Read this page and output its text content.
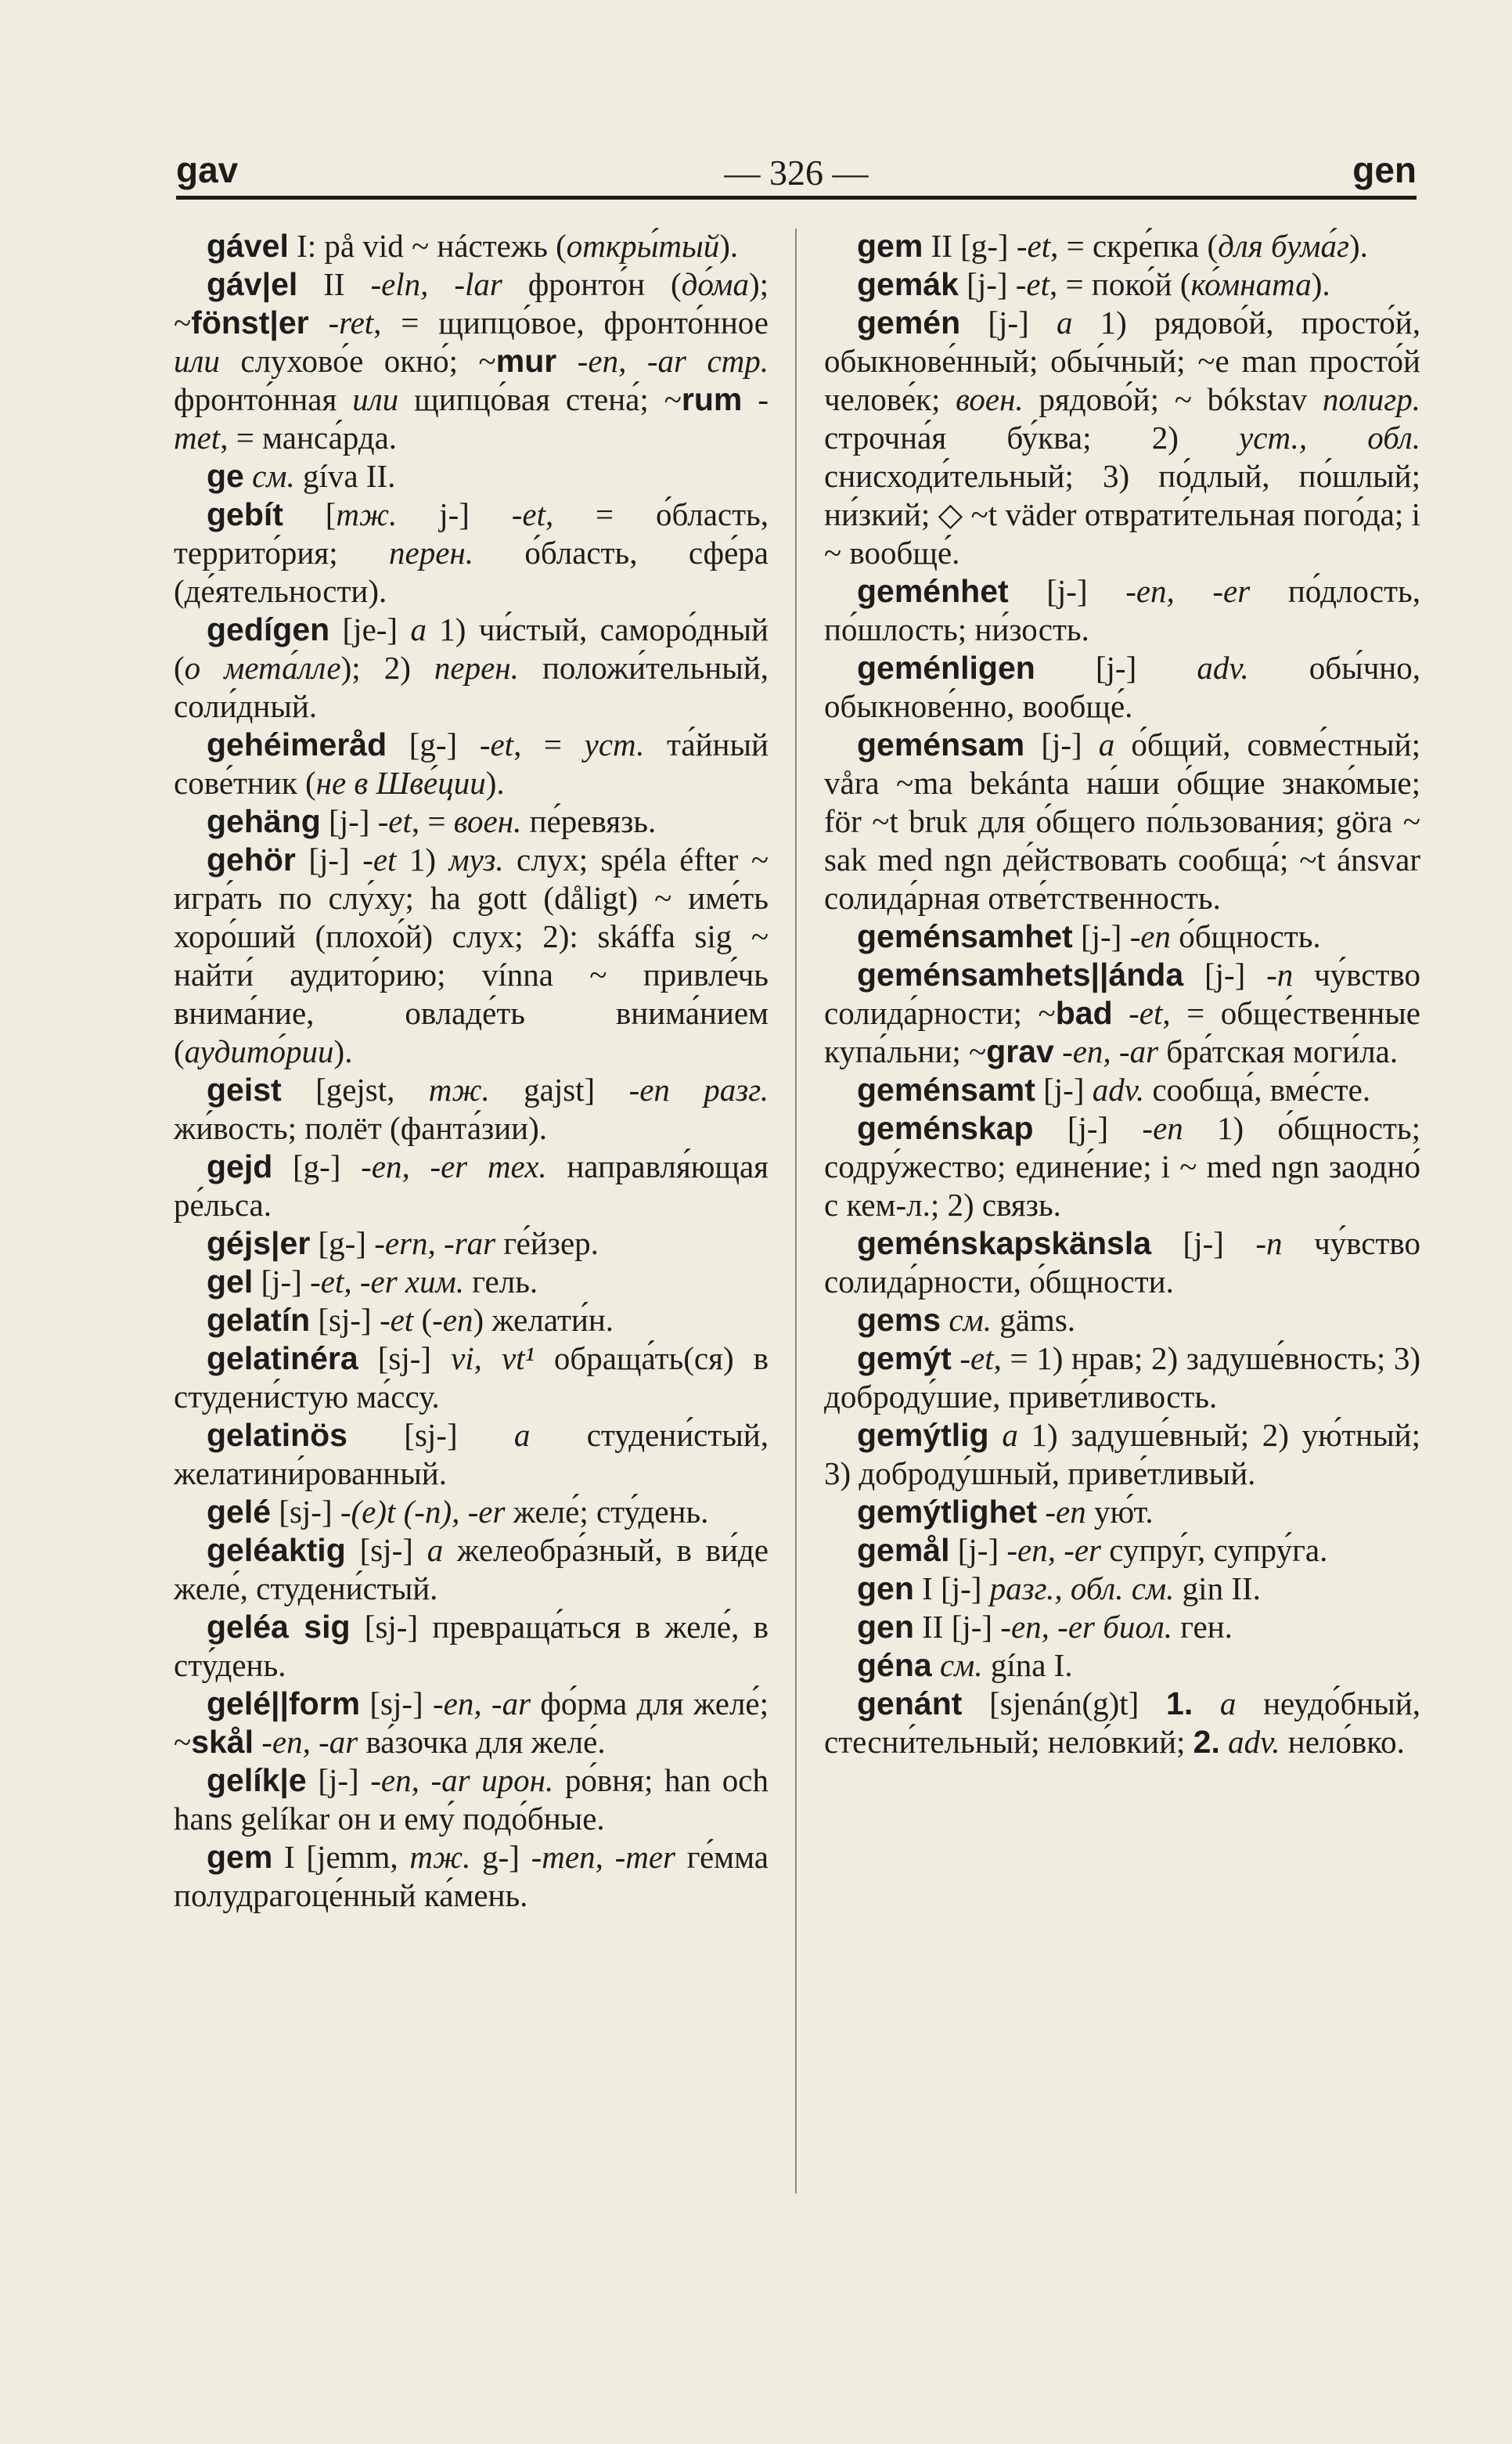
gav	— 326 —	gen

gável I: på vid ~ нáстежь (откры́тый).

gáv|el II -eln, -lar фронто́н (до́ма); ~fönst|er -ret, = щипцо́вое, фронто́нное или слухово́е окно́; ~mur -en, -ar стр. фронто́нная или щипцо́вая стена́; ~rum -met, = манса́рда.

ge см. gíva II.

gebít [тж. j-] -et, = о́бласть, террито́рия; перен. о́бласть, сфе́ра (де́ятельности).

gedígen [je-] a 1) чи́стый, саморо́дный (о мета́лле); 2) перен. положи́тельный, соли́дный.

gehéimeråd [g-] -et, = уст. та́йный сове́тник (не в Шве́ции).

gehäng [j-] -et, = воен. пе́ревязь.

gehör [j-] -et 1) муз. слух; spéla éfter ~ игра́ть по слу́ху; ha gott (dåligt) ~ име́ть хоро́ший (плохо́й) слух; 2): skáffa sig ~ найти́ аудито́рию; vínna ~ привле́чь внима́ние, овладе́ть внима́нием (аудито́рии).

geist [gejst, тж. gajst] -en разг. жи́вость; полёт (фанта́зии).

gejd [g-] -en, -er тех. направля́ющая ре́льса.

géjs|er [g-] -ern, -rar ге́йзер.

gel [j-] -et, -er хим. гель.

gelatín [sj-] -et (-en) желати́н.

gelatinéra [sj-] vi, vt¹ обраща́ть(ся) в студени́стую ма́ссу.

gelatinös [sj-] a студени́стый, желатини́рованный.

gelé [sj-] -(e)t (-n), -er желе́; сту́день.

geléaktig [sj-] a желеобра́зный, в ви́де желе́, студени́стый.

geléa sig [sj-] превраща́ться в желе́, в сту́день.

gelé||form [sj-] -en, -ar фо́рма для желе́; ~skål -en, -ar ва́зочка для желе́.

gelík|e [j-] -en, -ar ирон. ро́вня; han och hans gelíkar он и ему́ подо́бные.

gem I [jemm, тж. g-] -men, -mer ге́мма полудрагоце́нный ка́мень.

gem II [g-] -et, = скре́пка (для бума́г).

gemák [j-] -et, = поко́й (ко́мната).

gemén [j-] a 1) рядово́й, просто́й, обыкнове́нный; обы́чный; ~e man просто́й челове́к; воен. рядово́й; ~ bókstav полигр. строчна́я бу́ква; 2) уст., обл. снисходи́тельный; 3) по́длый, по́шлый; ни́зкий; ◇ ~t väder отврати́тельная пого́да; i ~ вообще́.

geménhet [j-] -en, -er по́длость, по́шлость; ни́зость.

geménligen [j-] adv. обы́чно, обыкнове́нно, вообще́.

geménsam [j-] a о́бщий, совме́стный; våra ~ma bekánta на́ши о́бщие знако́мые; för ~t bruk для о́бщего по́льзования; göra ~ sak med ngn де́йствовать сообща́; ~t ánsvar солида́рная отве́тственность.

geménsamhet [j-] -en о́бщность.

geménsamhets||ánda [j-] -n чу́вство солида́рности; ~bad -et, = обще́ственные купа́льни; ~grav -en, -ar бра́тская моги́ла.

geménsamt [j-] adv. сообща́, вме́сте.

geménskap [j-] -en 1) о́бщность; содру́жество; едине́ние; i ~ med ngn заодно́ с кем-л.; 2) связь.

geménskapskänsla [j-] -n чу́вство солида́рности, о́бщности.

gems см. gäms.

gemýt -et, = 1) нрав; 2) задуше́вность; 3) доброду́шие, приве́тливость.

gemýtlig a 1) задуше́вный; 2) ую́тный; 3) доброду́шный, приве́тливый.

gemýtlighet -en ую́т.

gemål [j-] -en, -er супру́г, супру́га.

gen I [j-] разг., обл. см. gin II.

gen II [j-] -en, -er биол. ген.

géna см. gína I.

genánt [sjenán(g)t] 1. a неудо́бный, стесни́тельный; нело́вкий; 2. adv. нело́вко.
